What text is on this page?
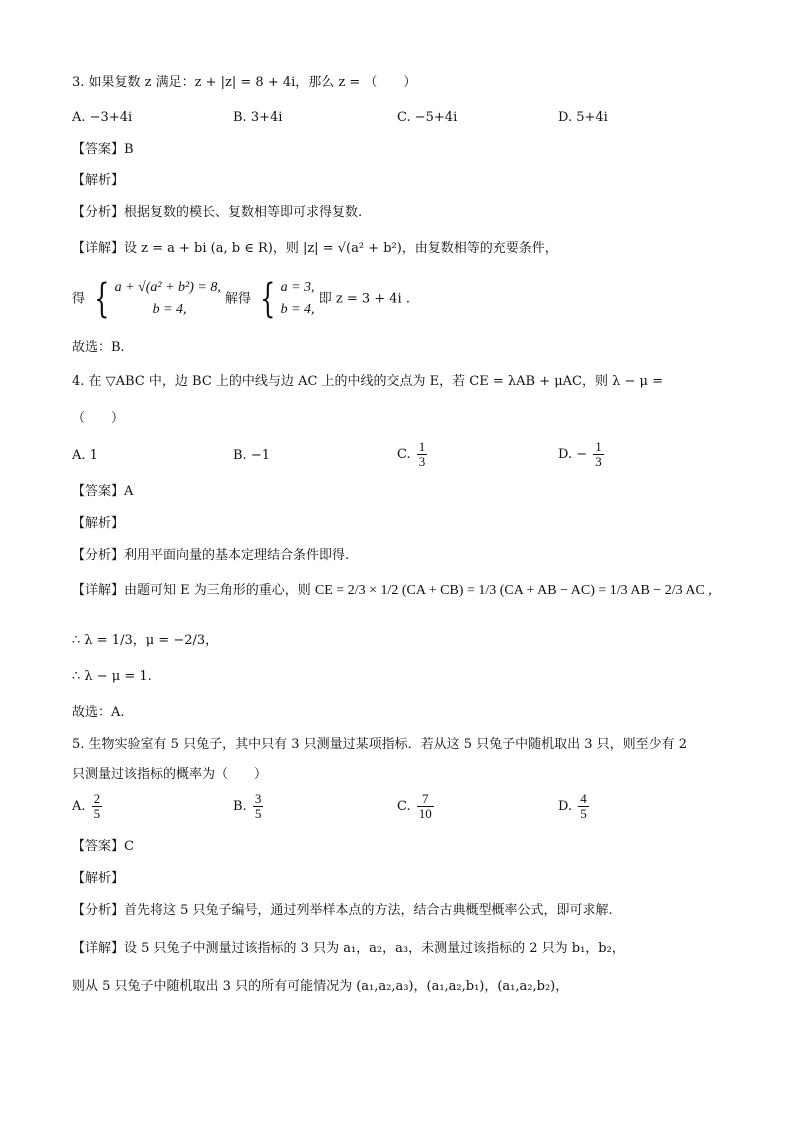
3. 如果复数 z 满足：z + |z| = 8 + 4i，那么 z = （　　）
A. −3+4i	B. 3+4i	C. −5+4i	D. 5+4i
【答案】B
【解析】
【分析】根据复数的模长、复数相等即可求得复数.
【详解】设 z = a + bi (a, b ∈ R)，则 |z| = √(a² + b²)，由复数相等的充要条件，
得 { a + √(a² + b²) = 8,
b = 4,
解得 { a = 3,
b = 4,
即 z = 3 + 4i .
故选：B.
4. 在 ▽ABC 中，边 BC 上的中线与边 AC 上的中线的交点为 E，若 CE = λAB + μAC，则 λ − μ =
（　　）
A. 1	B. −1	C. $\frac{1}{3}$	D. − $\frac{1}{3}$
【答案】A
【解析】
【分析】利用平面向量的基本定理结合条件即得.
【详解】由题可知 E 为三角形的重心，则 CE = 2/3 × 1/2 (CA + CB) = 1/3 (CA + AB − AC) = 1/3 AB − 2/3 AC ,
∴ λ = 1/3，μ = −2/3，
∴ λ − μ = 1.
故选：A.
5. 生物实验室有 5 只兔子，其中只有 3 只测量过某项指标．若从这 5 只兔子中随机取出 3 只，则至少有 2
只测量过该指标的概率为（　　）
A. $\frac{2}{5}$	B. $\frac{3}{5}$	C. $\frac{7}{10}$	D. $\frac{4}{5}$
【答案】C
【解析】
【分析】首先将这 5 只兔子编号，通过列举样本点的方法，结合古典概型概率公式，即可求解.
【详解】设 5 只兔子中测量过该指标的 3 只为 a₁，a₂，a₃，未测量过该指标的 2 只为 b₁，b₂，
则从 5 只兔子中随机取出 3 只的所有可能情况为 (a₁,a₂,a₃)，(a₁,a₂,b₁)，(a₁,a₂,b₂)，
